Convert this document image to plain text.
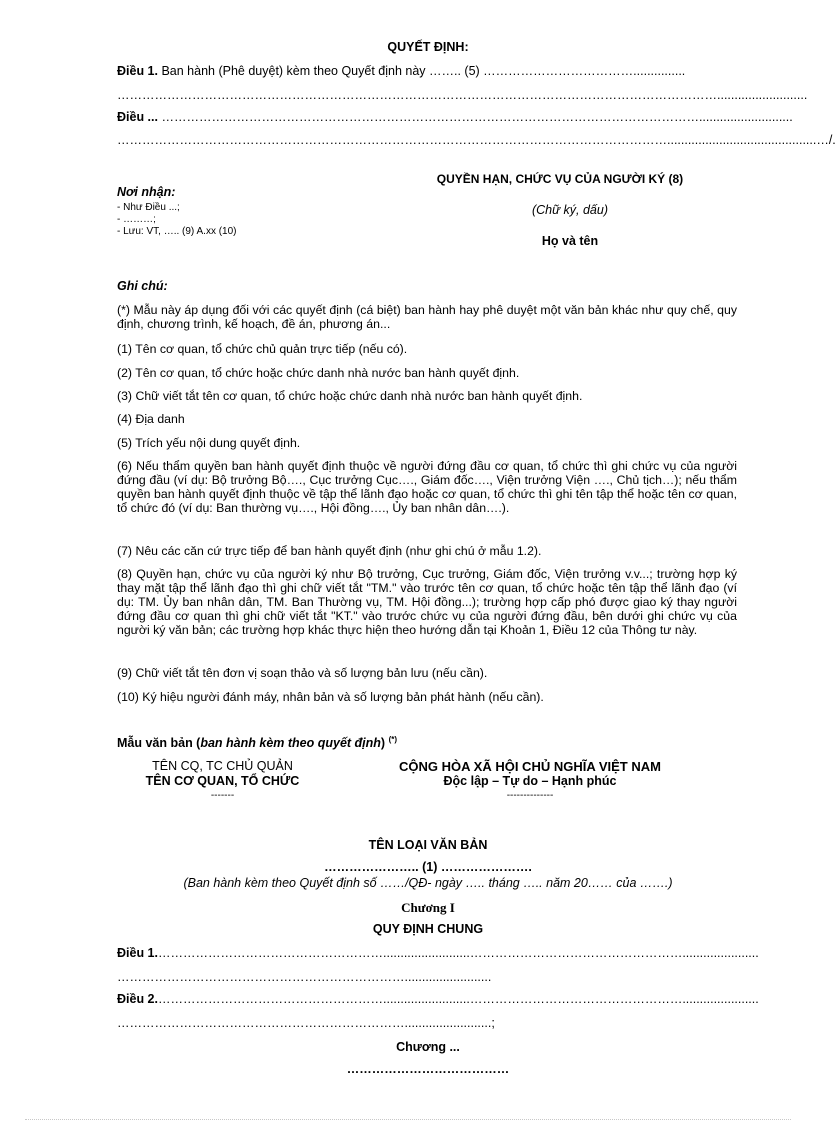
QUYẾT ĐỊNH:
Điều 1. Ban hành (Phê duyệt) kèm theo Quyết định này …….. (5) ………………………………...............
………………………………………………………………………………………………………………………………..........................
Điều ... …………………………………………………………………………………………………………………...........................
……………………………………………………………………………………………………………………...........................................…/.
QUYỀN HẠN, CHỨC VỤ CỦA NGƯỜI KÝ (8)
(Chữ ký, dấu)
Họ và tên
Nơi nhận:
- Như Điều ...;
- ………;
- Lưu: VT, ….. (9) A.xx (10)
Ghi chú:
(*) Mẫu này áp dụng đối với các quyết định (cá biệt) ban hành hay phê duyệt một văn bản khác như quy chế, quy định, chương trình, kế hoạch, đề án, phương án...
(1) Tên cơ quan, tổ chức chủ quản trực tiếp (nếu có).
(2) Tên cơ quan, tổ chức hoặc chức danh nhà nước ban hành quyết định.
(3) Chữ viết tắt tên cơ quan, tổ chức hoặc chức danh nhà nước ban hành quyết định.
(4) Địa danh
(5) Trích yếu nội dung quyết định.
(6) Nếu thẩm quyền ban hành quyết định thuộc về người đứng đầu cơ quan, tổ chức thì ghi chức vụ của người đứng đầu (ví dụ: Bộ trưởng Bộ…., Cục trưởng Cục…., Giám đốc…., Viện trưởng Viện …., Chủ tịch…); nếu thẩm quyền ban hành quyết định thuộc về tập thể lãnh đạo hoặc cơ quan, tổ chức thì ghi tên tập thể hoặc tên cơ quan, tổ chức đó (ví dụ: Ban thường vụ…., Hội đồng…., Ủy ban nhân dân….).
(7) Nêu các căn cứ trực tiếp để ban hành quyết định (như ghi chú ở mẫu 1.2).
(8) Quyền hạn, chức vụ của người ký như Bộ trưởng, Cục trưởng, Giám đốc, Viện trưởng v.v...; trường hợp ký thay mặt tập thể lãnh đạo thì ghi chữ viết tắt "TM." vào trước tên cơ quan, tổ chức hoặc tên tập thể lãnh đạo (ví dụ: TM. Ủy ban nhân dân, TM. Ban Thường vụ, TM. Hội đồng...); trường hợp cấp phó được giao ký thay người đứng đầu cơ quan thì ghi chữ viết tắt "KT." vào trước chức vụ của người đứng đầu, bên dưới ghi chức vụ của người ký văn bản; các trường hợp khác thực hiện theo hướng dẫn tại Khoản 1, Điều 12 của Thông tư này.
(9) Chữ viết tắt tên đơn vị soạn thảo và số lượng bản lưu (nếu cần).
(10) Ký hiệu người đánh máy, nhân bản và số lượng bản phát hành (nếu cần).
Mẫu văn bản (ban hành kèm theo quyết định) (*)
TÊN CQ, TC CHỦ QUẢN
TÊN CƠ QUAN, TỔ CHỨC
-------
CỘNG HÒA XÃ HỘI CHỦ NGHĨA VIỆT NAM
Độc lập – Tự do – Hạnh phúc
--------------
TÊN LOẠI VĂN BẢN
………………….. (1) ………………….
(Ban hành kèm theo Quyết định số ……/QĐ- ngày ….. tháng ….. năm 20…… của …….)
Chương I
QUY ĐỊNH CHUNG
Điều 1.……………………………………………….........................……………………………………………......................
…………………………………………………………….........................
Điều 2.……………………………………………….........................……………………………………………......................
…………………………………………………………….........................;
Chương ...
…………………………………
